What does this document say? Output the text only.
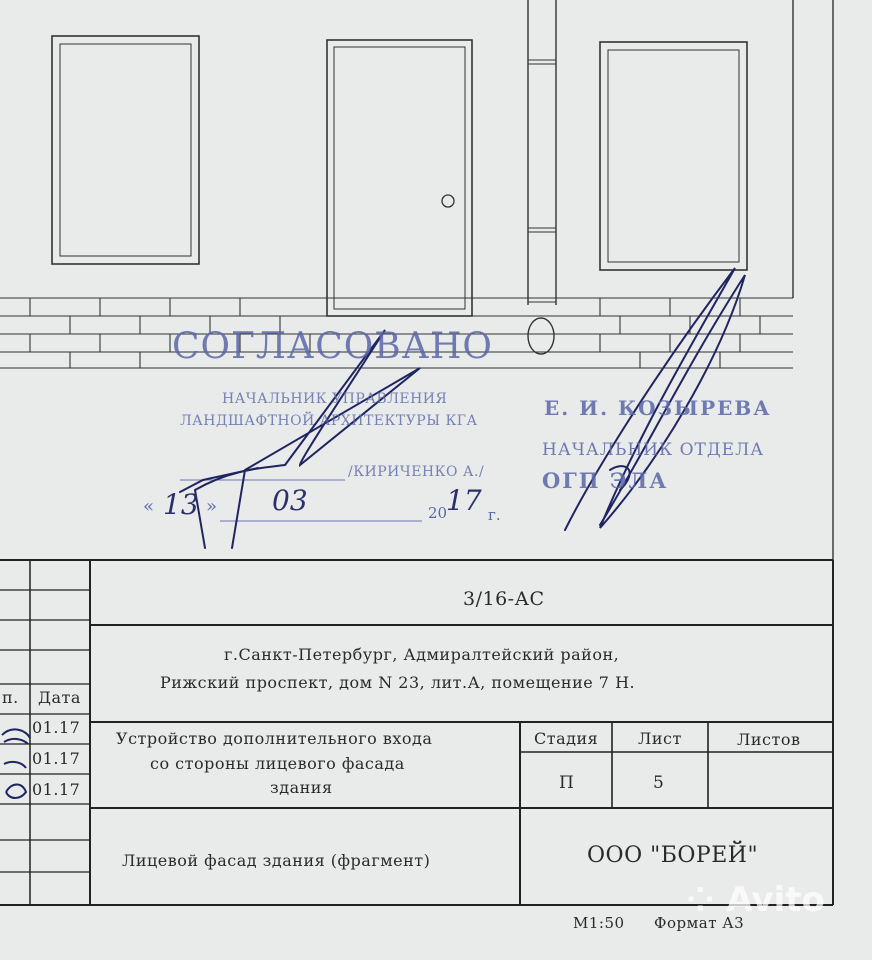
СОГЛАСОВАНО
НАЧАЛЬНИК УПРАВЛЕНИЯ
ЛАНДШАФТНОЙ АРХИТЕКТУРЫ КГА
/КИРИЧЕНКО А./
« 13 » 03	20
17 г.
Е. И. КОЗЫРЕВА
НАЧАЛЬНИК ОТДЕЛА
ОГП ЭЛА
3/16-АС
г.Санкт-Петербург, Адмиралтейский район,
Рижский проспект, дом N 23, лит.А, помещение 7 Н.
п. Дата
01.17
01.17
01.17
Устройство дополнительного входа
со стороны лицевого фасада
здания
Стадия Лист	Листов
П	5
Лицевой фасад здания (фрагмент)	ООО "БОРЕЙ"
М1:50 Формат А3
⁘ Avito
